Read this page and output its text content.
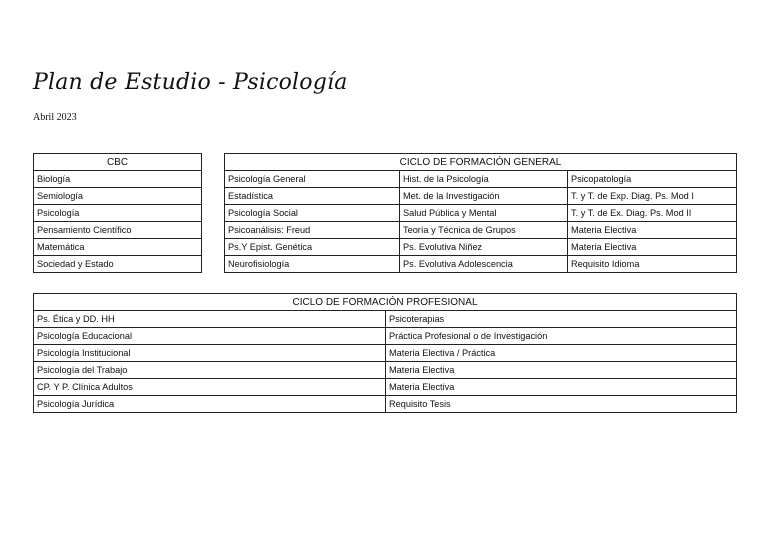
Plan de Estudio - Psicología

Abril 2023

CBC
Biología
Semiología
Psicología
Pensamiento Científico
Matemática
Sociedad y Estado
CICLO DE FORMACIÓN GENERAL		
Psicología General	Hist. de la Psicología	Psicopatología
Estadística	Met. de la Investigación	T. y T. de Exp. Diag. Ps. Mod I
Psicología Social	Salud Pública y Mental	T. y T. de Ex. Diag. Ps. Mod II
Psicoanálisis: Freud	Teoría y Técnica de Grupos	Materia Electiva
Ps.Y Epist. Genética	Ps. Evolutiva Niñez	Materia Electiva
Neurofisiología	Ps. Evolutiva Adolescencia	Requisito Idioma
CICLO DE FORMACIÓN PROFESIONAL	
Ps. Ética y DD. HH	Psicoterapias
Psicología Educacional	Práctica Profesional o de Investigación
Psicología Institucional	Materia Electiva / Práctica
Psicología del Trabajo	Materia Electiva
CP. Y P. Clínica Adultos	Materia Electiva
Psicología Jurídica	Requisito Tesis
